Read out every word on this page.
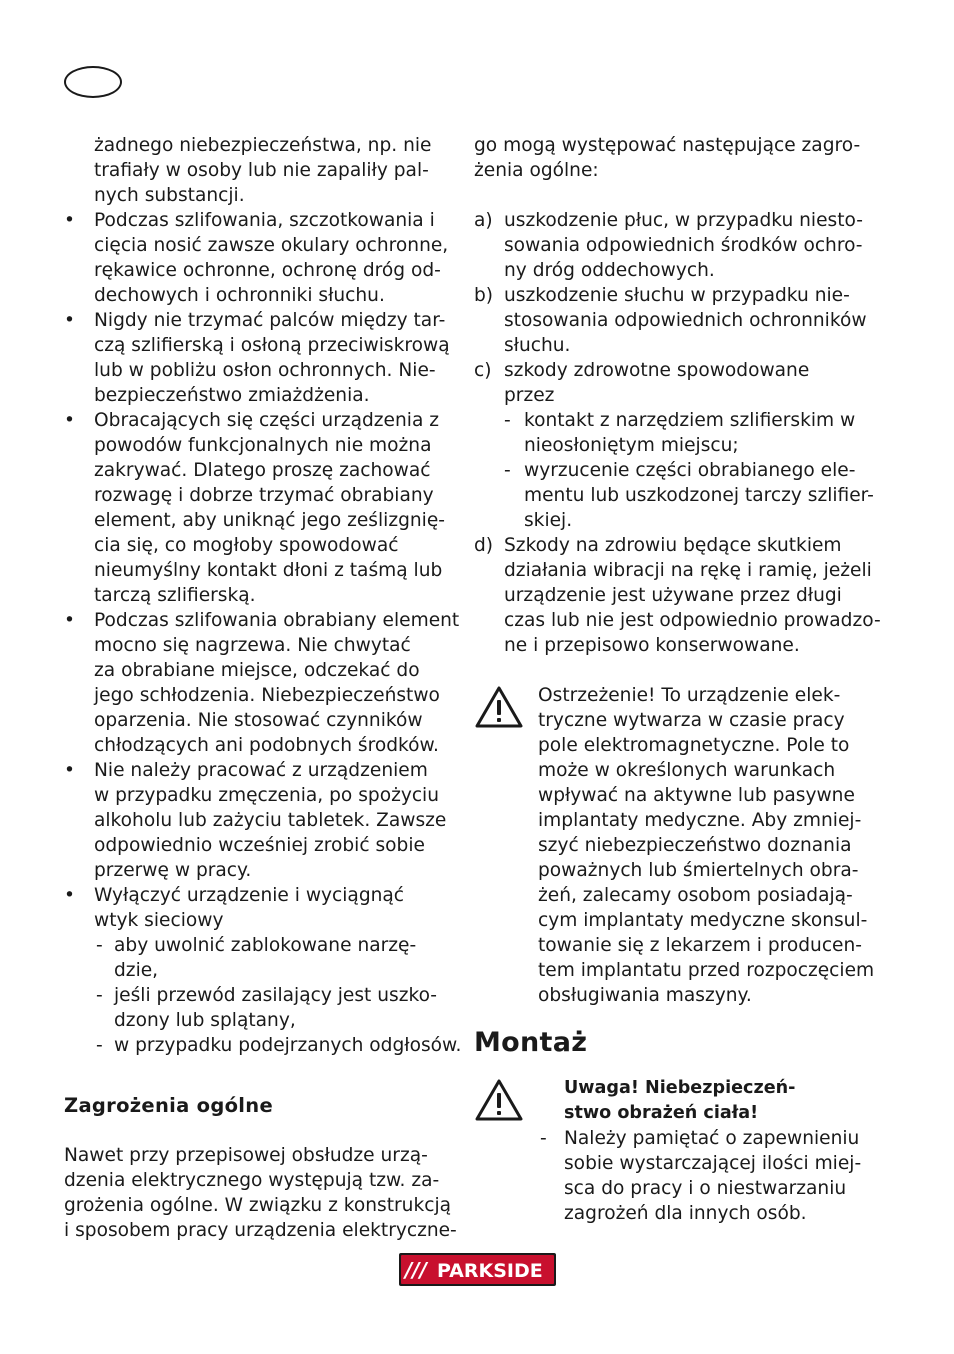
żadnego niebezpieczeństwa, np. nie
trafiały w osoby lub nie zapaliły pal-
nych substancji.
• Podczas szlifowania, szczotkowania i
cięcia nosić zawsze okulary ochronne,
rękawice ochronne, ochronę dróg od-
dechowych i ochronniki słuchu.
• Nigdy nie trzymać palców między tar-
czą szlifierską i osłoną przeciwiskrową
lub w pobliżu osłon ochronnych. Nie-
bezpieczeństwo zmiażdżenia.
• Obracających się części urządzenia z
powodów funkcjonalnych nie można
zakrywać. Dlatego proszę zachować
rozwagę i dobrze trzymać obrabiany
element, aby uniknąć jego ześlizgnię-
cia się, co mogłoby spowodować
nieumyślny kontakt dłoni z taśmą lub
tarczą szlifierską.
• Podczas szlifowania obrabiany element
mocno się nagrzewa. Nie chwytać
za obrabiane miejsce, odczekać do
jego schłodzenia. Niebezpieczeństwo
oparzenia. Nie stosować czynników
chłodzących ani podobnych środków.
• Nie należy pracować z urządzeniem
w przypadku zmęczenia, po spożyciu
alkoholu lub zażyciu tabletek. Zawsze
odpowiednio wcześniej zrobić sobie
przerwę w pracy.
• Wyłączyć urządzenie i wyciągnąć
wtyk sieciowy
- aby uwolnić zablokowane narzę-
dzie,
- jeśli przewód zasilający jest uszko-
dzony lub splątany,
- w przypadku podejrzanych odgłosów.
Zagrożenia ogólne
Nawet przy przepisowej obsłudze urzą-
dzenia elektrycznego występują tzw. za-
grożenia ogólne. W związku z konstrukcją
i sposobem pracy urządzenia elektryczne-
go mogą występować następujące zagro-
żenia ogólne:
a) uszkodzenie płuc, w przypadku niesto-
sowania odpowiednich środków ochro-
ny dróg oddechowych.
b) uszkodzenie słuchu w przypadku nie-
stosowania odpowiednich ochronników
słuchu.
c) szkody zdrowotne spowodowane
przez
- kontakt z narzędziem szlifierskim w
nieosłoniętym miejscu;
- wyrzucenie części obrabianego ele-
mentu lub uszkodzonej tarczy szlifier-
skiej.
d) Szkody na zdrowiu będące skutkiem
działania wibracji na rękę i ramię, jeżeli
urządzenie jest używane przez długi
czas lub nie jest odpowiednio prowadzo-
ne i przepisowo konserwowane.
Ostrzeżenie! To urządzenie elek-
tryczne wytwarza w czasie pracy
pole elektromagnetyczne. Pole to
może w określonych warunkach
wpływać na aktywne lub pasywne
implantaty medyczne. Aby zmniej-
szyć niebezpieczeństwo doznania
poważnych lub śmiertelnych obra-
żeń, zalecamy osobom posiadają-
cym implantaty medyczne skonsul-
towanie się z lekarzem i producen-
tem implantatu przed rozpoczęciem
obsługiwania maszyny.
Montaż
Uwaga! Niebezpieczeń-
stwo obrażeń ciała!
- Należy pamiętać o zapewnieniu
sobie wystarczającej ilości miej-
sca do pracy i o niestwarzaniu
zagrożeń dla innych osób.
/// PARKSIDE
